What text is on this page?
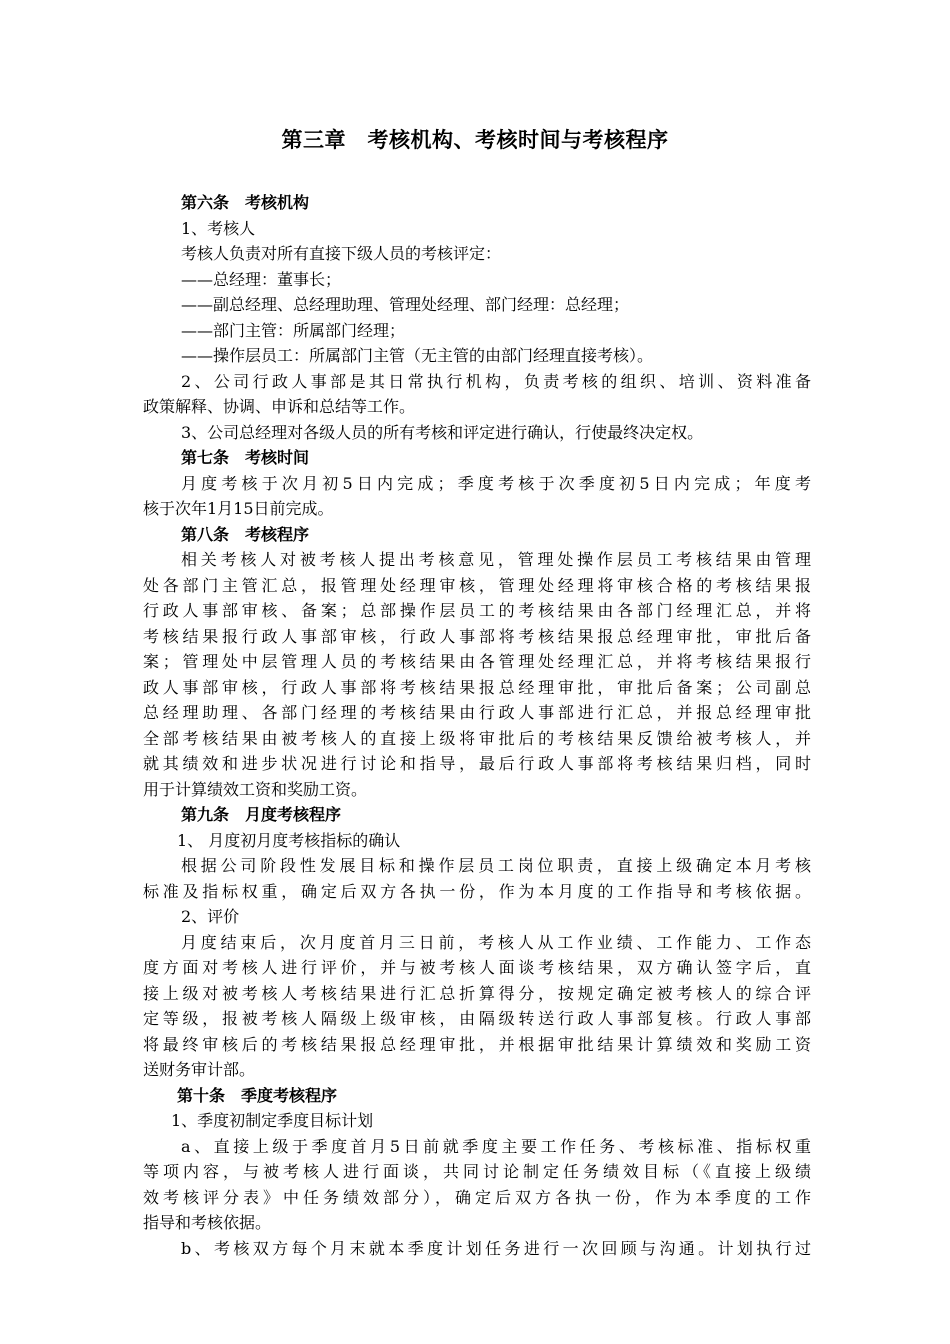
第三章　考核机构、考核时间与考核程序

第六条　考核机构

1、考核人

考核人负责对所有直接下级人员的考核评定：

——总经理：董事长；

——副总经理、总经理助理、管理处经理、部门经理：总经理；

——部门主管：所属部门经理；

——操作层员工：所属部门主管（无主管的由部门经理直接考核）。

2、公司行政人事部是其日常执行机构，负责考核的组织、培训、资料准备

政策解释、协调、申诉和总结等工作。

3、公司总经理对各级人员的所有考核和评定进行确认，行使最终决定权。

第七条　考核时间

月度考核于次月初5日内完成；季度考核于次季度初5日内完成；年度考

核于次年1月15日前完成。

第八条　考核程序

相关考核人对被考核人提出考核意见，管理处操作层员工考核结果由管理

处各部门主管汇总，报管理处经理审核，管理处经理将审核合格的考核结果报

行政人事部审核、备案；总部操作层员工的考核结果由各部门经理汇总，并将

考核结果报行政人事部审核，行政人事部将考核结果报总经理审批，审批后备

案；管理处中层管理人员的考核结果由各管理处经理汇总，并将考核结果报行

政人事部审核，行政人事部将考核结果报总经理审批，审批后备案；公司副总

总经理助理、各部门经理的考核结果由行政人事部进行汇总，并报总经理审批

全部考核结果由被考核人的直接上级将审批后的考核结果反馈给被考核人，并

就其绩效和进步状况进行讨论和指导，最后行政人事部将考核结果归档，同时

用于计算绩效工资和奖励工资。

第九条　月度考核程序

1、 月度初月度考核指标的确认

根据公司阶段性发展目标和操作层员工岗位职责，直接上级确定本月考核

标准及指标权重，确定后双方各执一份，作为本月度的工作指导和考核依据。

2、评价

月度结束后，次月度首月三日前，考核人从工作业绩、工作能力、工作态

度方面对考核人进行评价，并与被考核人面谈考核结果，双方确认签字后，直

接上级对被考核人考核结果进行汇总折算得分，按规定确定被考核人的综合评

定等级，报被考核人隔级上级审核，由隔级转送行政人事部复核。行政人事部

将最终审核后的考核结果报总经理审批，并根据审批结果计算绩效和奖励工资

送财务审计部。

第十条　季度考核程序

1、季度初制定季度目标计划

a、直接上级于季度首月5日前就季度主要工作任务、考核标准、指标权重

等项内容，与被考核人进行面谈，共同讨论制定任务绩效目标（《直接上级绩

效考核评分表》中任务绩效部分），确定后双方各执一份，作为本季度的工作

指导和考核依据。

b、考核双方每个月末就本季度计划任务进行一次回顾与沟通。计划执行过
